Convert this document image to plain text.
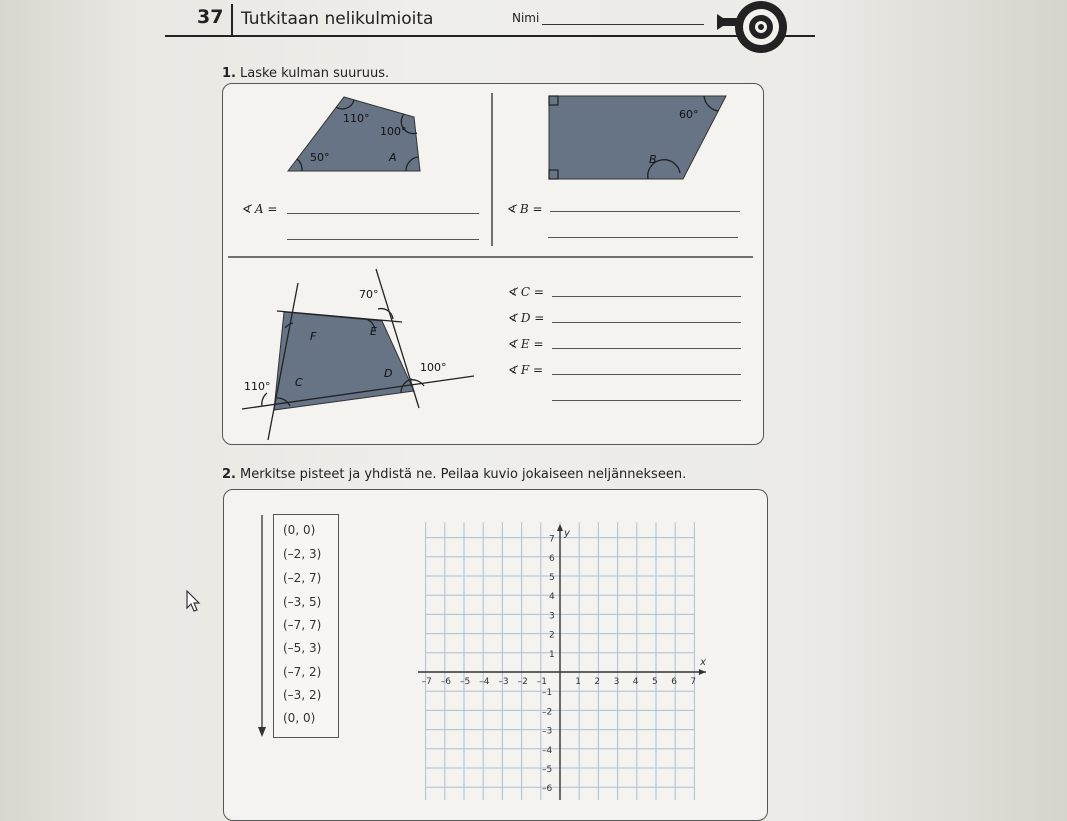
37 Tutkitaan nelikulmioita	Nimi
1. Laske kulman suuruus.
110°
100°
50°	A
60°
B
70°
100°
110° C
D
E
F
∢ A =	∢ B =
∢ C =
∢ D =
∢ E =
∢ F =
2. Merkitse pisteet ja yhdistä ne. Peilaa kuvio jokaiseen neljännekseen.
(0, 0)
(–2, 3)
(–2, 7)
(–3, 5)
(–7, 7)
(–5, 3)
(–7, 2)
(–3, 2)
(0, 0)
x
y
–7 –6 –5 –4 –3 –2 –1	1 2 3 4 5 6 7
1
2
3
4
5
6
7
–1
–2
–3
–4
–5
–6
